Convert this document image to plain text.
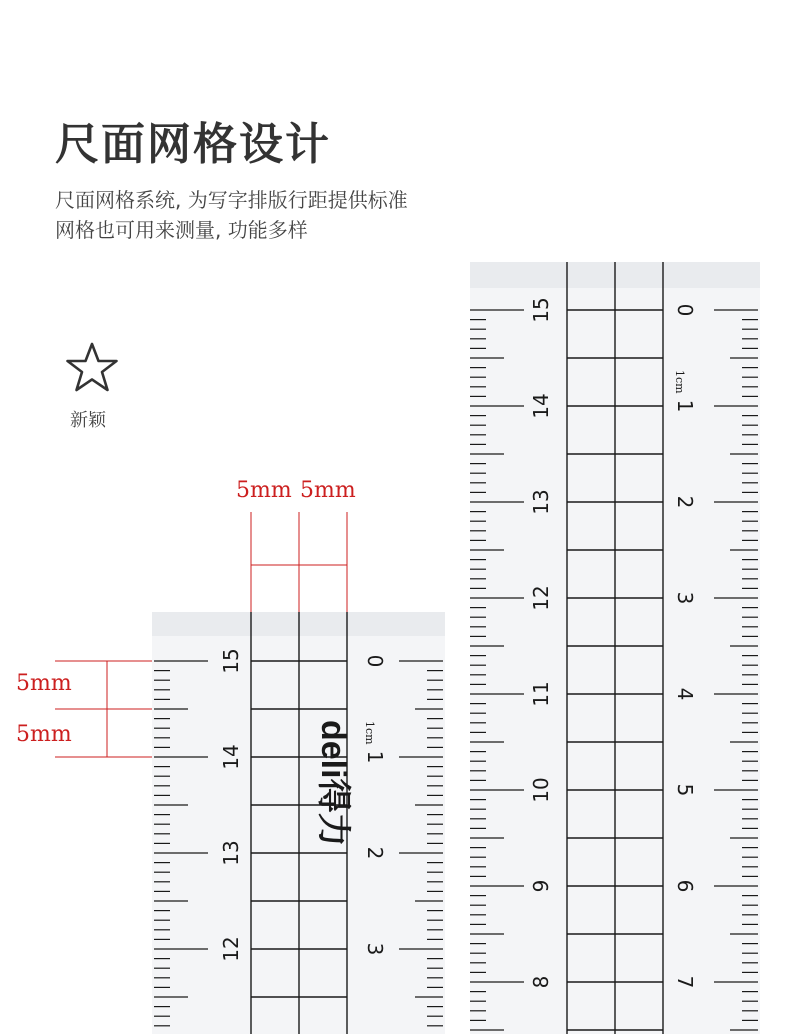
尺面网格设计
尺面网格系统, 为写字排版行距提供标准
网格也可用来测量, 功能多样
新颖
0
1
2
3
4
5
6
7
15
14
13
12
11
10
9
8
1cm
0
1
2
3
15
14
13
12
1cm
deli得力
5mm 5mm
5mm
5mm
